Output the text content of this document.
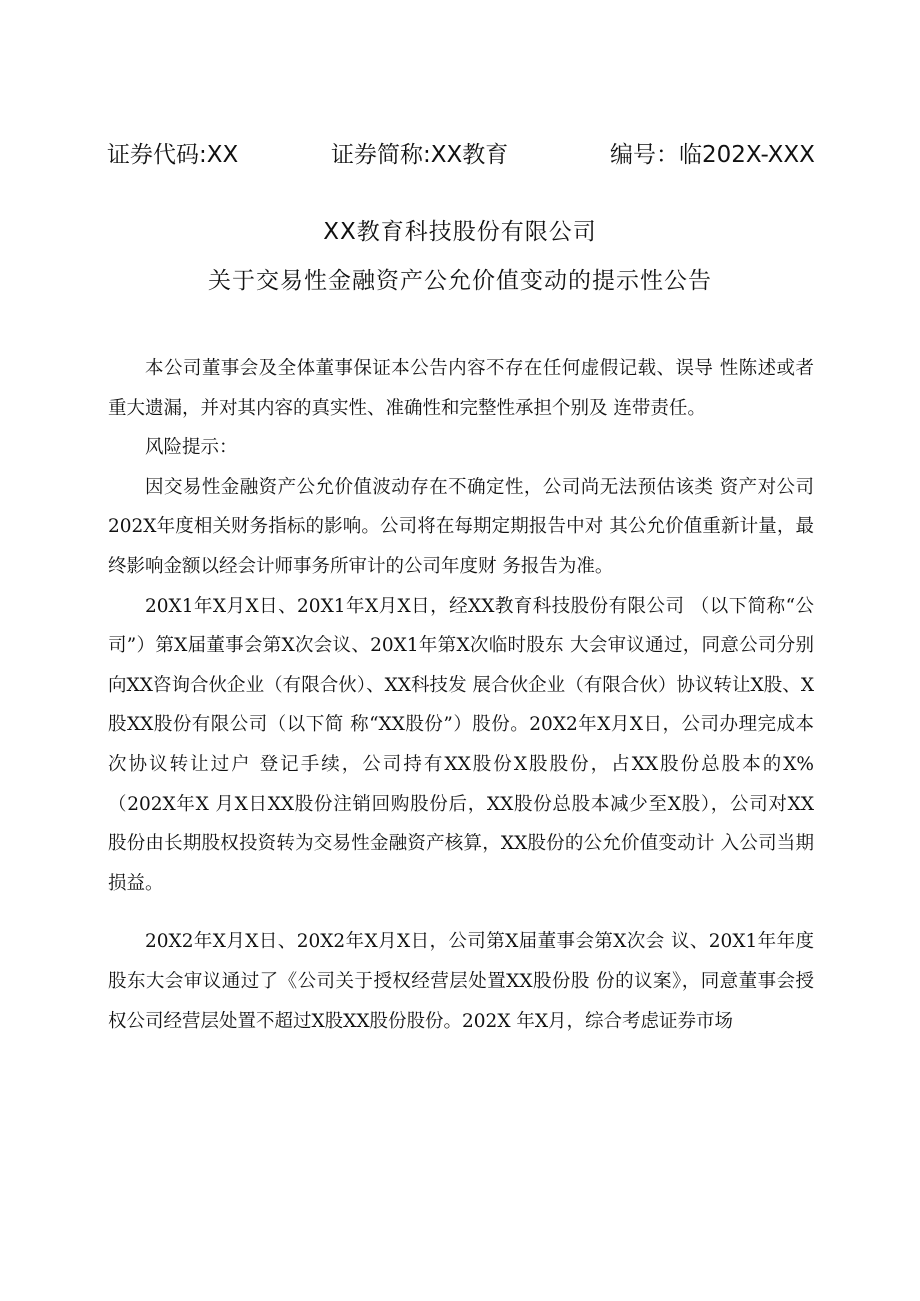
证券代码:XX	证券简称:XX教育	编号：临202X-XXX
XX教育科技股份有限公司
关于交易性金融资产公允价值变动的提示性公告

本公司董事会及全体董事保证本公告内容不存在任何虚假记载、误导 性陈述或者重大遗漏，并对其内容的真实性、准确性和完整性承担个别及 连带责任。

风险提示：

因交易性金融资产公允价值波动存在不确定性，公司尚无法预估该类 资产对公司202X年度相关财务指标的影响。公司将在每期定期报告中对 其公允价值重新计量，最终影响金额以经会计师事务所审计的公司年度财 务报告为准。

20X1年X月X日、20X1年X月X日，经XX教育科技股份有限公司 （以下简称“公司”）第X届董事会第X次会议、20X1年第X次临时股东 大会审议通过，同意公司分别向XX咨询合伙企业（有限合伙）、XX科技发 展合伙企业（有限合伙）协议转让X股、X股XX股份有限公司（以下简 称“XX股份”）股份。20X2年X月X日，公司办理完成本次协议转让过户 登记手续，公司持有XX股份X股股份，占XX股份总股本的X% （202X年X 月X日XX股份注销回购股份后，XX股份总股本减少至X股），公司对XX 股份由长期股权投资转为交易性金融资产核算，XX股份的公允价值变动计 入公司当期损益。

20X2年X月X日、20X2年X月X日，公司第X届董事会第X次会 议、20X1年年度股东大会审议通过了《公司关于授权经营层处置XX股份股 份的议案》，同意董事会授权公司经营层处置不超过X股XX股份股份。202X 年X月，综合考虑证券市场
